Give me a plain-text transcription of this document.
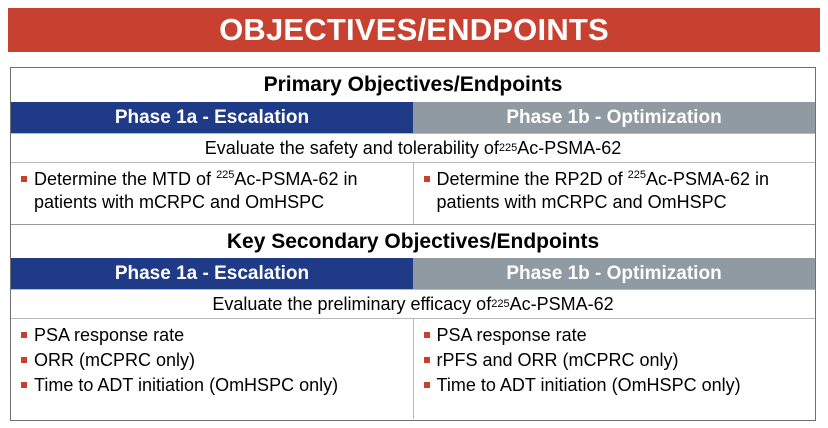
OBJECTIVES/ENDPOINTS
Primary Objectives/Endpoints
Phase 1a - Escalation	Phase 1b - Optimization
Evaluate the safety and tolerability of 225 Ac-PSMA-62
Determine the MTD of $^{225}$Ac-PSMA-62 in patients with mCRPC and OmHSPC
Determine the RP2D of $^{225}$Ac-PSMA-62 in patients with mCRPC and OmHSPC
Key Secondary Objectives/Endpoints
Phase 1a - Escalation	Phase 1b - Optimization
Evaluate the preliminary efficacy of 225 Ac-PSMA-62
PSA response rate
ORR (mCPRC only)
Time to ADT initiation (OmHSPC only)
PSA response rate
rPFS and ORR (mCPRC only)
Time to ADT initiation (OmHSPC only)
